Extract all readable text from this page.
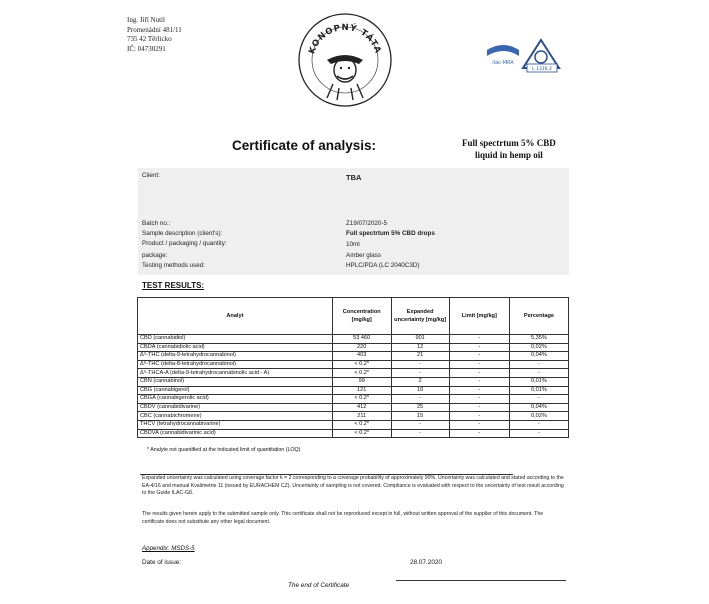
Ing. Jiří Nutil
Promenádní 481/11
735 42 Těrlicko
IČ: 04730291	KONOPNÝ TÁTA
ilac-MRA
L 1316.2
Certificate of analysis:	Full spectrtum 5% CBD
liquid in hemp oil
Client:	TBA
Batch no.:	Z19/07/2020-5
Sample description (client's):	Full spectrtum 5% CBD drops
Product / packaging / quantity:	10ml
package:	Amber glass
Testing methods used:	HPLC/PDA (LC 2040C3D)
TEST RESULTS:
Analyt	Concentration [mg/kg]	Expanded uncertainty [mg/kg]	Limit [mg/kg]	Percentage
CBD (cannabidiol)	53 460	901	-	5,35%
CBDA (cannabidiolic acid)	220	12	-	0,02%
Δ⁹-THC (delta-9-tetrahydrocannabinol)	403	21	-	0,04%
Δ⁸-THC (delta-8-tetrahydrocannabinol)	< 0.2*	-	-	-
Δ⁹-THCA-A (delta-9-tetrahydrocannabinolic acid - A)	< 0.2*	-	-	-
CBN (cannabinol)	99	2	-	0,01%
CBG (cannabigerol)	121	10	-	0,01%
CBGA (cannabigerolic acid)	< 0.2*	-	-	-
CBDV (cannabidivarine)	412	25	-	0,04%
CBC (cannabichromene)	211	15	-	0,02%
THCV (tetrahydrocannabivarine)	< 0.2*	-	-	-
CBDVA (cannabidivarinic acid)	< 0.2*	-	-	-
* Analyte not quantified at the indicated limit of quantitation (LOQ)
Expanded uncertainty was calculated using coverage factor k = 2 corresponding to a coverage probability of approximately 90%. Uncertainty was calculated and stated according to the EA-4/16 and manual Kvalimetrie 11 (issued by EURACHEM CZ). Uncertainty of sampling is not covered. Compliance is evaluated with respect to the uncertainty of test result according to the Guide ILAC-G8.
The results given herein apply to the submitted sample only. This certificate shall not be reproduced except in full, without written approval of the supplier of this document. The certificate does not substitute any other legal document.
Appendix: MSDS-5
Date of issue:	28.07.2020
The end of Certificate
